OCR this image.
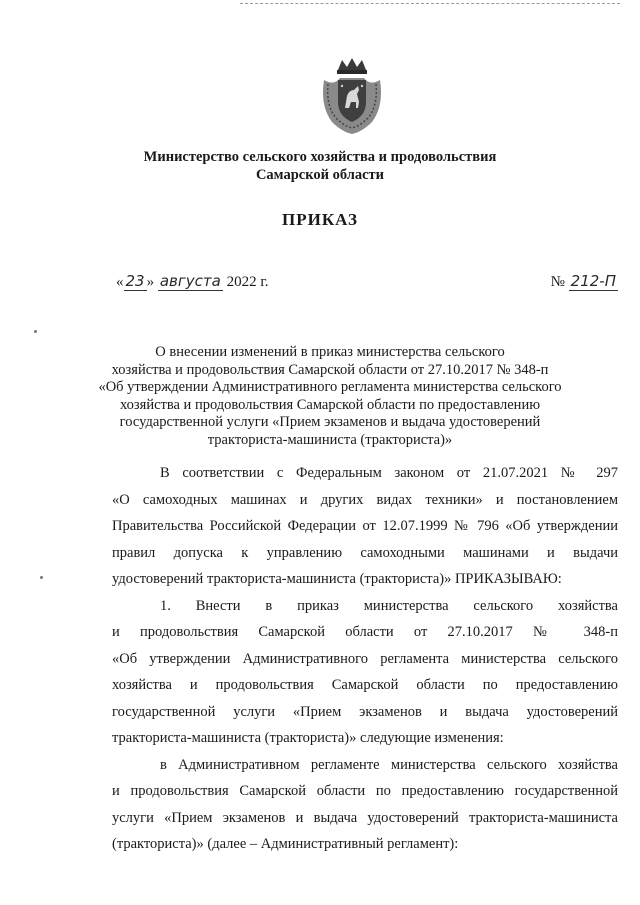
Министерство сельского хозяйства и продовольствия
Самарской области
ПРИКАЗ
« 23 » августа 2022 г.	№ 212-П
О внесении изменений в приказ министерства сельского
хозяйства и продовольствия Самарской области от 27.10.2017 № 348-п
«Об утверждении Административного регламента министерства сельского
хозяйства и продовольствия Самарской области по предоставлению
государственной услуги «Прием экзаменов и выдача удостоверений
тракториста-машиниста (тракториста)»
В соответствии с Федеральным законом от 21.07.2021 № 297
«О самоходных машинах и других видах техники» и постановлением
Правительства Российской Федерации от 12.07.1999 № 796 «Об утверждении
правил допуска к управлению самоходными машинами и выдачи
удостоверений тракториста-машиниста (тракториста)» ПРИКАЗЫВАЮ:
1. Внести в приказ министерства сельского хозяйства
и продовольствия Самарской области от 27.10.2017 № 348-п
«Об утверждении Административного регламента министерства сельского
хозяйства и продовольствия Самарской области по предоставлению
государственной услуги «Прием экзаменов и выдача удостоверений
тракториста-машиниста (тракториста)» следующие изменения:
в Административном регламенте министерства сельского хозяйства
и продовольствия Самарской области по предоставлению государственной
услуги «Прием экзаменов и выдача удостоверений тракториста-машиниста
(тракториста)» (далее – Административный регламент):
